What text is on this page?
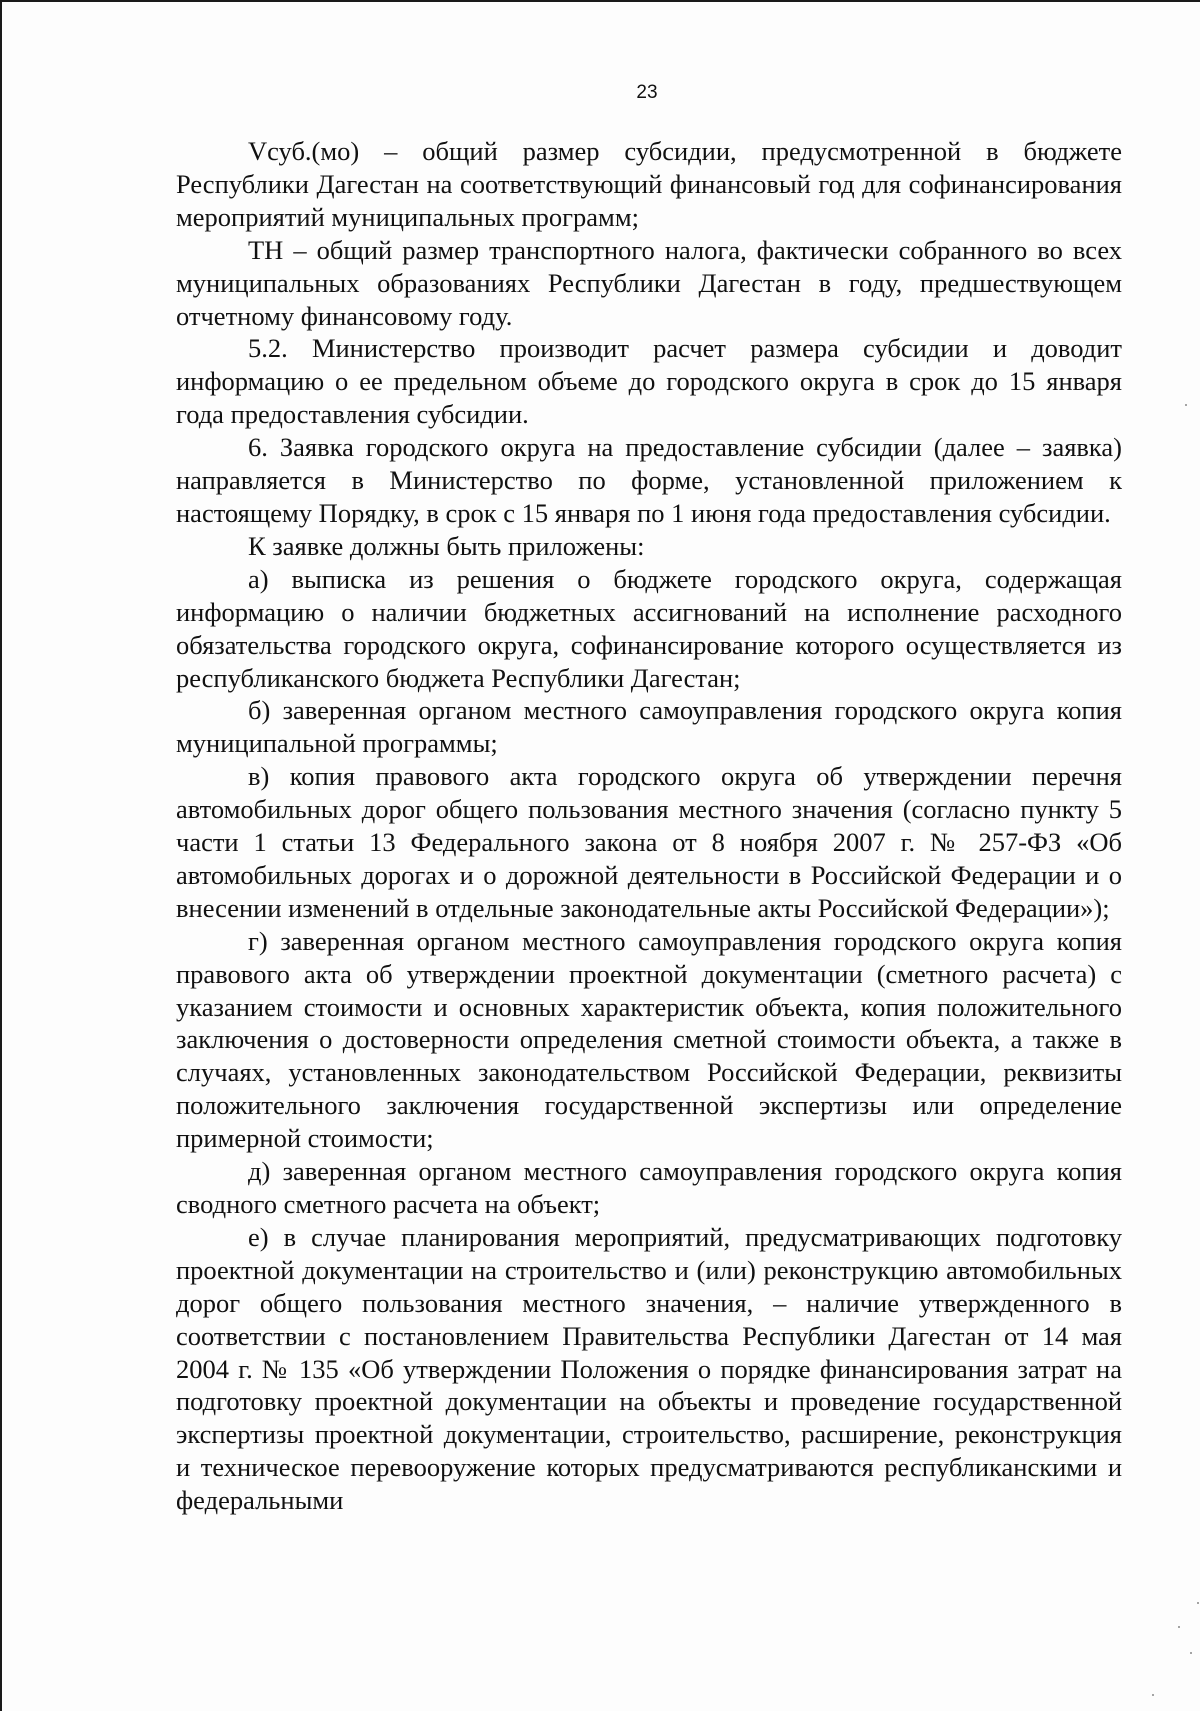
23

Vсуб.(мо) – общий размер субсидии, предусмотренной в бюджете Республики Дагестан на соответствующий финансовый год для софинансирования мероприятий муниципальных программ;

ТН – общий размер транспортного налога, фактически собранного во всех муниципальных образованиях Республики Дагестан в году, предшествующем отчетному финансовому году.

5.2. Министерство производит расчет размера субсидии и доводит информацию о ее предельном объеме до городского округа в срок до 15 января года предоставления субсидии.

6. Заявка городского округа на предоставление субсидии (далее – заявка) направляется в Министерство по форме, установленной приложением к настоящему Порядку, в срок с 15 января по 1 июня года предоставления субсидии.

К заявке должны быть приложены:

а) выписка из решения о бюджете городского округа, содержащая информацию о наличии бюджетных ассигнований на исполнение расходного обязательства городского округа, софинансирование которого осуществляется из республиканского бюджета Республики Дагестан;

б) заверенная органом местного самоуправления городского округа копия муниципальной программы;

в) копия правового акта городского округа об утверждении перечня автомобильных дорог общего пользования местного значения (согласно пункту 5 части 1 статьи 13 Федерального закона от 8 ноября 2007 г. № 257-ФЗ «Об автомобильных дорогах и о дорожной деятельности в Российской Федерации и о внесении изменений в отдельные законодательные акты Российской Федерации»);

г) заверенная органом местного самоуправления городского округа копия правового акта об утверждении проектной документации (сметного расчета) с указанием стоимости и основных характеристик объекта, копия положительного заключения о достоверности определения сметной стоимости объекта, а также в случаях, установленных законодательством Российской Федерации, реквизиты положительного заключения государственной экспертизы или определение примерной стоимости;

д) заверенная органом местного самоуправления городского округа копия сводного сметного расчета на объект;

е) в случае планирования мероприятий, предусматривающих подготовку проектной документации на строительство и (или) реконструкцию автомобильных дорог общего пользования местного значения, – наличие утвержденного в соответствии с постановлением Правительства Республики Дагестан от 14 мая 2004 г. № 135 «Об утверждении Положения о порядке финансирования затрат на подготовку проектной документации на объекты и проведение государственной экспертизы проектной документации, строительство, расширение, реконструкция и техническое перевооружение которых предусматриваются республиканскими и федеральными
